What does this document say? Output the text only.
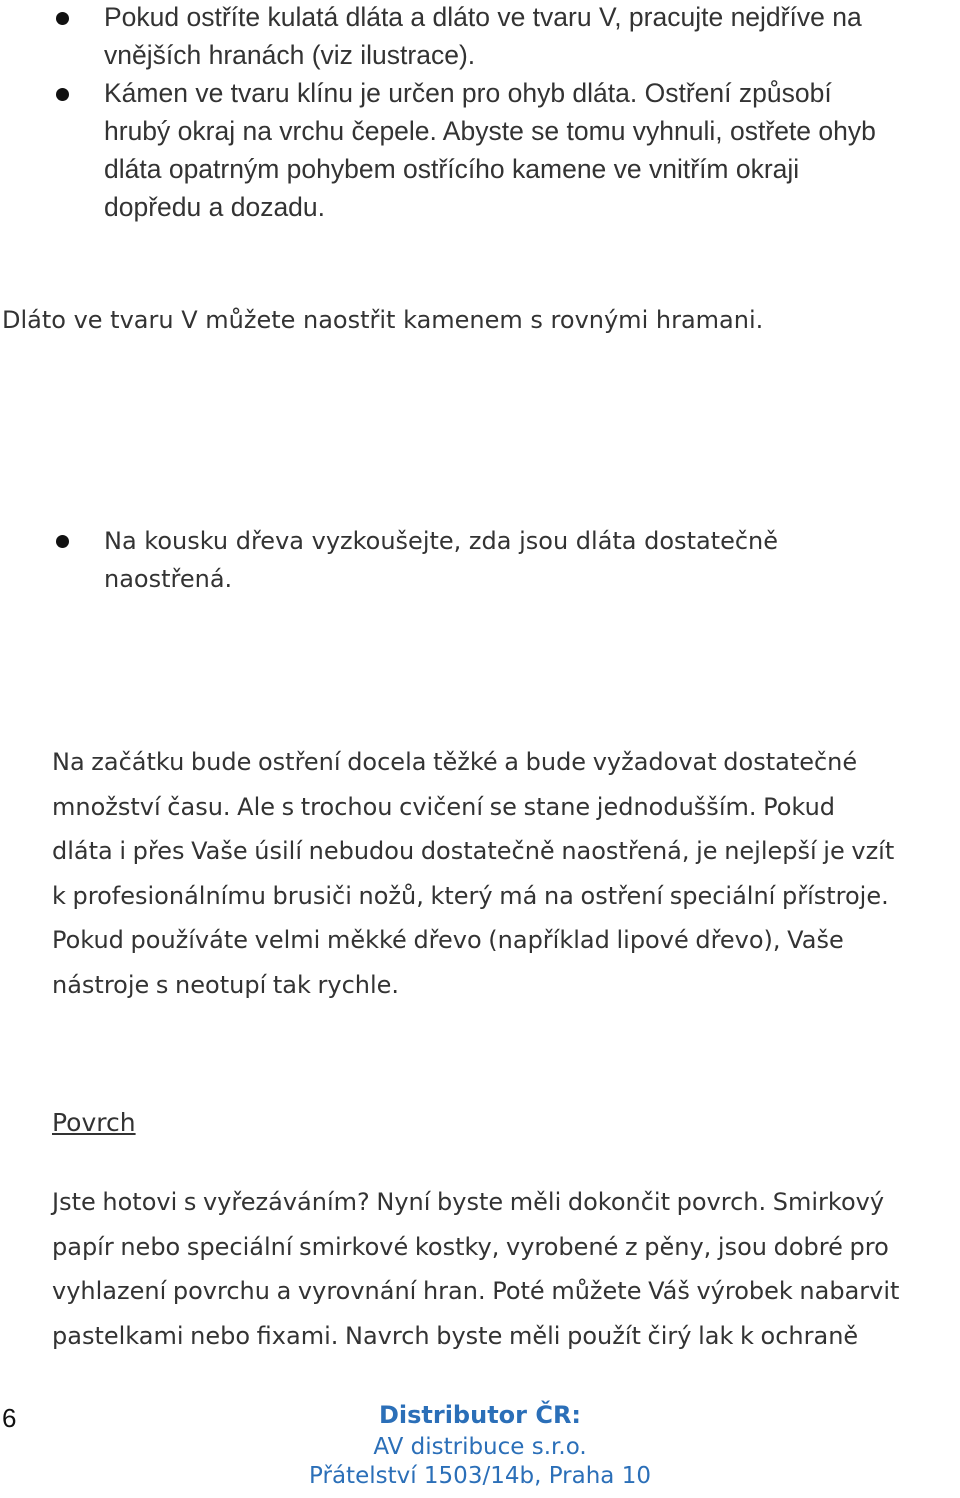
Pokud ostříte kulatá dláta a dláto ve tvaru V, pracujte nejdříve na
vnějších hranách (viz ilustrace).
Kámen ve tvaru klínu je určen pro ohyb dláta. Ostření způsobí
hrubý okraj na vrchu čepele. Abyste se tomu vyhnuli, ostřete ohyb
dláta opatrným pohybem ostřícího kamene ve vnitřím okraji
dopředu a dozadu.
Dláto ve tvaru V můžete naostřit kamenem s rovnými hramani.
Na kousku dřeva vyzkoušejte, zda jsou dláta dostatečně
naostřená.
Na začátku bude ostření docela těžké a bude vyžadovat dostatečné
množství času. Ale s trochou cvičení se stane jednodušším. Pokud
dláta i přes Vaše úsilí nebudou dostatečně naostřená, je nejlepší je vzít
k profesionálnímu brusiči nožů, který má na ostření speciální přístroje.
Pokud používáte velmi měkké dřevo (například lipové dřevo), Vaše
nástroje s neotupí tak rychle.
Povrch
Jste hotovi s vyřezáváním? Nyní byste měli dokončit povrch. Smirkový
papír nebo speciální smirkové kostky, vyrobené z pěny, jsou dobré pro
vyhlazení povrchu a vyrovnání hran. Poté můžete Váš výrobek nabarvit
pastelkami nebo fixami. Navrch byste měli použít čirý lak k ochraně
6	Distributor ČR:
AV distribuce s.r.o.
Přátelství 1503/14b, Praha 10
